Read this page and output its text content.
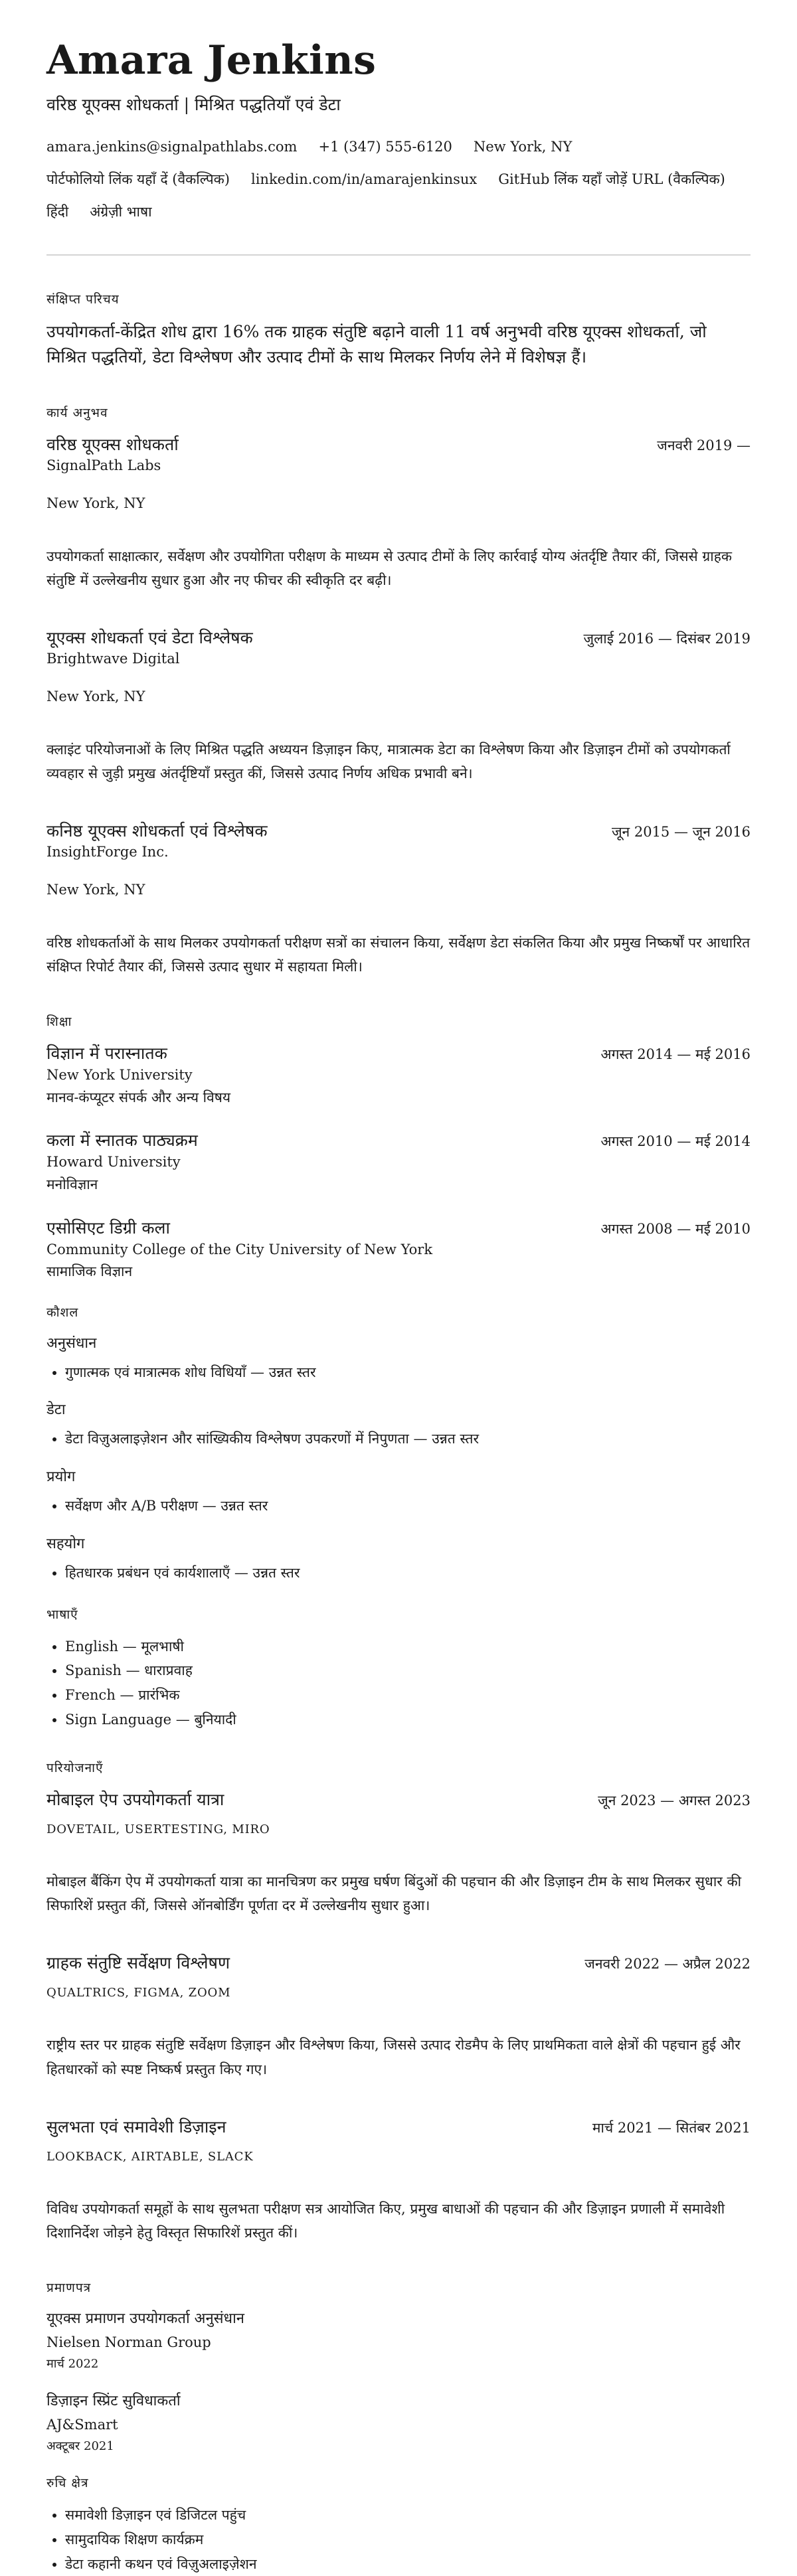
Amara Jenkins
वरिष्ठ यूएक्स शोधकर्ता | मिश्रित पद्धतियाँ एवं डेटा
amara.jenkins@signalpathlabs.com +1 (347) 555-6120 New York, NY
पोर्टफोलियो लिंक यहाँ दें (वैकल्पिक) linkedin.com/in/amarajenkinsux GitHub लिंक यहाँ जोड़ें URL (वैकल्पिक)
हिंदी अंग्रेज़ी भाषा
संक्षिप्त परिचय
उपयोगकर्ता-केंद्रित शोध द्वारा 16% तक ग्राहक संतुष्टि बढ़ाने वाली 11 वर्ष अनुभवी वरिष्ठ यूएक्स शोधकर्ता, जो मिश्रित पद्धतियों, डेटा विश्लेषण और उत्पाद टीमों के साथ मिलकर निर्णय लेने में विशेषज्ञ हैं।
कार्य अनुभव
वरिष्ठ यूएक्स शोधकर्ता	जनवरी 2019 —
SignalPath Labs
New York, NY
उपयोगकर्ता साक्षात्कार, सर्वेक्षण और उपयोगिता परीक्षण के माध्यम से उत्पाद टीमों के लिए कार्रवाई योग्य अंतर्दृष्टि तैयार कीं, जिससे ग्राहक संतुष्टि में उल्लेखनीय सुधार हुआ और नए फीचर की स्वीकृति दर बढ़ी।
यूएक्स शोधकर्ता एवं डेटा विश्लेषक	जुलाई 2016 — दिसंबर 2019
Brightwave Digital
New York, NY
क्लाइंट परियोजनाओं के लिए मिश्रित पद्धति अध्ययन डिज़ाइन किए, मात्रात्मक डेटा का विश्लेषण किया और डिज़ाइन टीमों को उपयोगकर्ता व्यवहार से जुड़ी प्रमुख अंतर्दृष्टियाँ प्रस्तुत कीं, जिससे उत्पाद निर्णय अधिक प्रभावी बने।
कनिष्ठ यूएक्स शोधकर्ता एवं विश्लेषक	जून 2015 — जून 2016
InsightForge Inc.
New York, NY
वरिष्ठ शोधकर्ताओं के साथ मिलकर उपयोगकर्ता परीक्षण सत्रों का संचालन किया, सर्वेक्षण डेटा संकलित किया और प्रमुख निष्कर्षों पर आधारित संक्षिप्त रिपोर्ट तैयार कीं, जिससे उत्पाद सुधार में सहायता मिली।
शिक्षा
विज्ञान में परास्नातक	अगस्त 2014 — मई 2016
New York University
मानव-कंप्यूटर संपर्क और अन्य विषय
कला में स्नातक पाठ्यक्रम	अगस्त 2010 — मई 2014
Howard University
मनोविज्ञान
एसोसिएट डिग्री कला	अगस्त 2008 — मई 2010
Community College of the City University of New York
सामाजिक विज्ञान
कौशल
अनुसंधान
• गुणात्मक एवं मात्रात्मक शोध विधियाँ — उन्नत स्तर
डेटा
• डेटा विज़ुअलाइज़ेशन और सांख्यिकीय विश्लेषण उपकरणों में निपुणता — उन्नत स्तर
प्रयोग
• सर्वेक्षण और A/B परीक्षण — उन्नत स्तर
सहयोग
• हितधारक प्रबंधन एवं कार्यशालाएँ — उन्नत स्तर
भाषाएँ
• English — मूलभाषी
• Spanish — धाराप्रवाह
• French — प्रारंभिक
• Sign Language — बुनियादी
परियोजनाएँ
मोबाइल ऐप उपयोगकर्ता यात्रा	जून 2023 — अगस्त 2023
DOVETAIL, USERTESTING, MIRO
मोबाइल बैंकिंग ऐप में उपयोगकर्ता यात्रा का मानचित्रण कर प्रमुख घर्षण बिंदुओं की पहचान की और डिज़ाइन टीम के साथ मिलकर सुधार की सिफारिशें प्रस्तुत कीं, जिससे ऑनबोर्डिंग पूर्णता दर में उल्लेखनीय सुधार हुआ।
ग्राहक संतुष्टि सर्वेक्षण विश्लेषण	जनवरी 2022 — अप्रैल 2022
QUALTRICS, FIGMA, ZOOM
राष्ट्रीय स्तर पर ग्राहक संतुष्टि सर्वेक्षण डिज़ाइन और विश्लेषण किया, जिससे उत्पाद रोडमैप के लिए प्राथमिकता वाले क्षेत्रों की पहचान हुई और हितधारकों को स्पष्ट निष्कर्ष प्रस्तुत किए गए।
सुलभता एवं समावेशी डिज़ाइन	मार्च 2021 — सितंबर 2021
LOOKBACK, AIRTABLE, SLACK
विविध उपयोगकर्ता समूहों के साथ सुलभता परीक्षण सत्र आयोजित किए, प्रमुख बाधाओं की पहचान की और डिज़ाइन प्रणाली में समावेशी दिशानिर्देश जोड़ने हेतु विस्तृत सिफारिशें प्रस्तुत कीं।
प्रमाणपत्र
यूएक्स प्रमाणन उपयोगकर्ता अनुसंधान
Nielsen Norman Group
मार्च 2022
डिज़ाइन स्प्रिंट सुविधाकर्ता
AJ&Smart
अक्टूबर 2021
रुचि क्षेत्र
• समावेशी डिज़ाइन एवं डिजिटल पहुंच
• सामुदायिक शिक्षण कार्यक्रम
• डेटा कहानी कथन एवं विज़ुअलाइज़ेशन
